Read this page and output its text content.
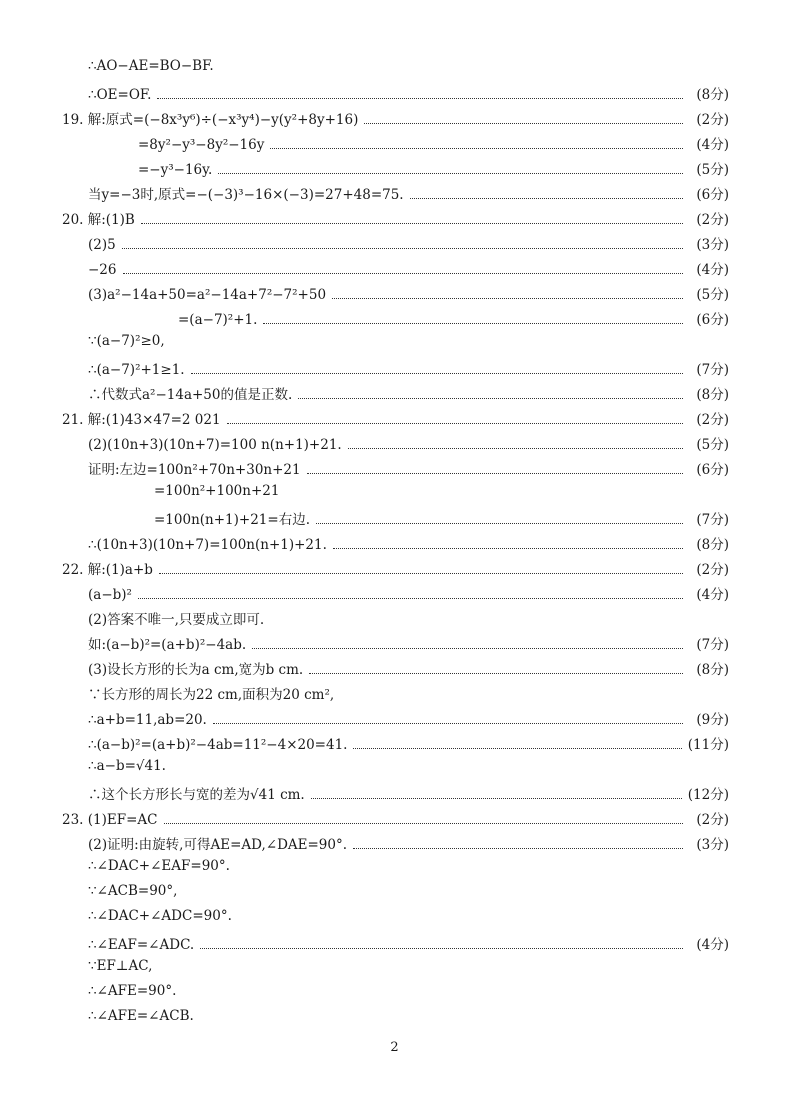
∴AO−AE=BO−BF.
∴OE=OF.	(8分)
19. 解:原式=(−8x³y⁶)÷(−x³y⁴)−y(y²+8y+16)	(2分)
=8y²−y³−8y²−16y	(4分)
=−y³−16y.	(5分)
当y=−3时,原式=−(−3)³−16×(−3)=27+48=75.	(6分)
20. 解:(1)B	(2分)
(2)5	(3分)
−26	(4分)
(3)a²−14a+50=a²−14a+7²−7²+50	(5分)
=(a−7)²+1.	(6分)
∵(a−7)²≥0,
∴(a−7)²+1≥1.	(7分)
∴代数式a²−14a+50的值是正数.	(8分)
21. 解:(1)43×47=2 021	(2分)
(2)(10n+3)(10n+7)=100 n(n+1)+21.	(5分)
证明:左边=100n²+70n+30n+21	(6分)
=100n²+100n+21
=100n(n+1)+21=右边.	(7分)
∴(10n+3)(10n+7)=100n(n+1)+21.	(8分)
22. 解:(1)a+b	(2分)
(a−b)²	(4分)
(2)答案不唯一,只要成立即可.
如:(a−b)²=(a+b)²−4ab.	(7分)
(3)设长方形的长为a cm,宽为b cm.	(8分)
∵长方形的周长为22 cm,面积为20 cm²,
∴a+b=11,ab=20.	(9分)
∴(a−b)²=(a+b)²−4ab=11²−4×20=41.	(11分)
∴a−b=√41.
∴这个长方形长与宽的差为√41 cm.	(12分)
23. (1)EF=AC	(2分)
(2)证明:由旋转,可得AE=AD,∠DAE=90°.	(3分)
∴∠DAC+∠EAF=90°.
∵∠ACB=90°,
∴∠DAC+∠ADC=90°.
∴∠EAF=∠ADC.	(4分)
∵EF⊥AC,
∴∠AFE=90°.
∴∠AFE=∠ACB.
2
